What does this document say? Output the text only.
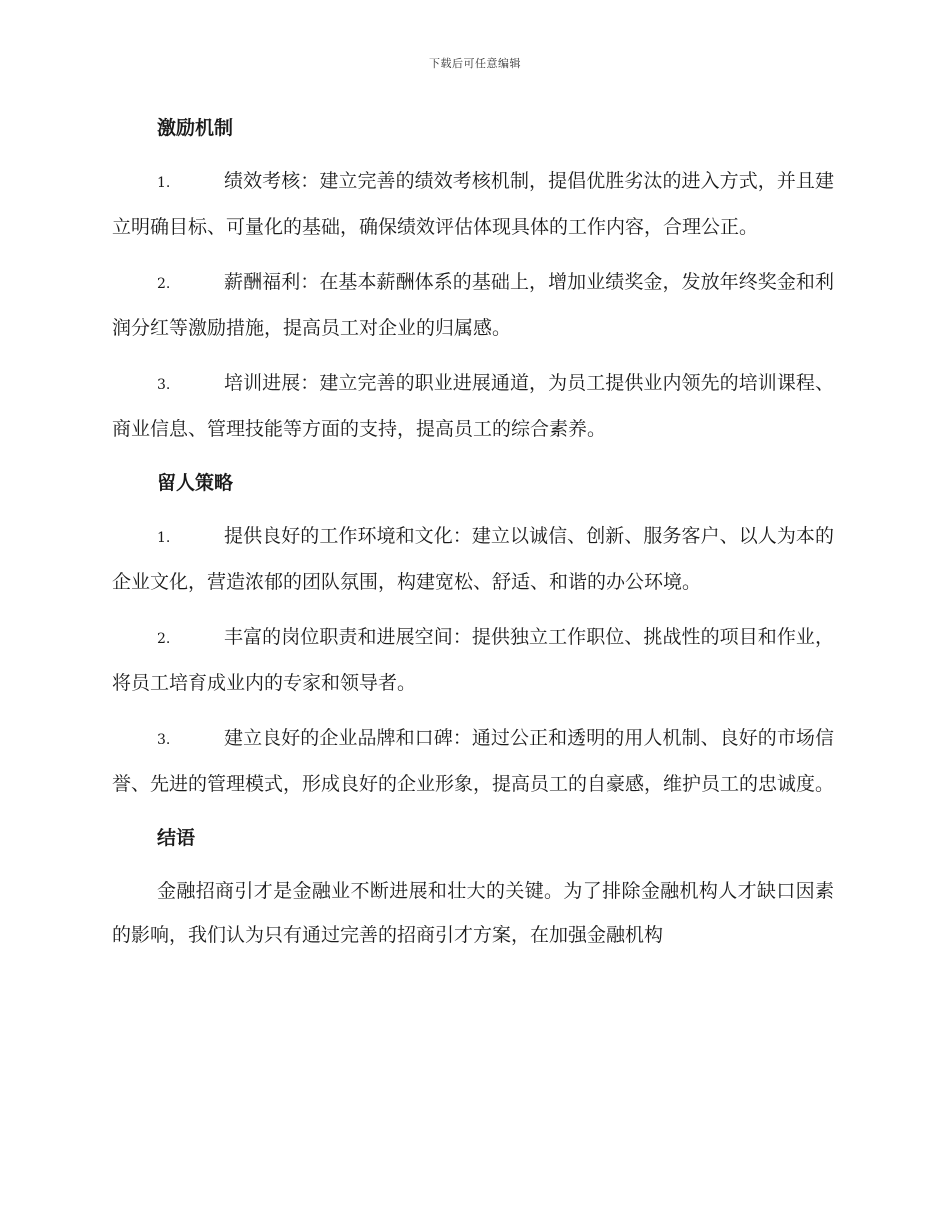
下载后可任意编辑
激励机制

1.	绩效考核：建立完善的绩效考核机制，提倡优胜劣汰的进入方式，并且建立明确目标、可量化的基础，确保绩效评估体现具体的工作内容，合理公正。

2.	薪酬福利：在基本薪酬体系的基础上，增加业绩奖金，发放年终奖金和利润分红等激励措施，提高员工对企业的归属感。

3.	培训进展：建立完善的职业进展通道，为员工提供业内领先的培训课程、商业信息、管理技能等方面的支持，提高员工的综合素养。

留人策略

1.	提供良好的工作环境和文化：建立以诚信、创新、服务客户、以人为本的企业文化，营造浓郁的团队氛围，构建宽松、舒适、和谐的办公环境。

2.	丰富的岗位职责和进展空间：提供独立工作职位、挑战性的项目和作业，将员工培育成业内的专家和领导者。

3.	建立良好的企业品牌和口碑：通过公正和透明的用人机制、良好的市场信誉、先进的管理模式，形成良好的企业形象，提高员工的自豪感，维护员工的忠诚度。

结语

金融招商引才是金融业不断进展和壮大的关键。为了排除金融机构人才缺口因素的影响，我们认为只有通过完善的招商引才方案，在加强金融机构
